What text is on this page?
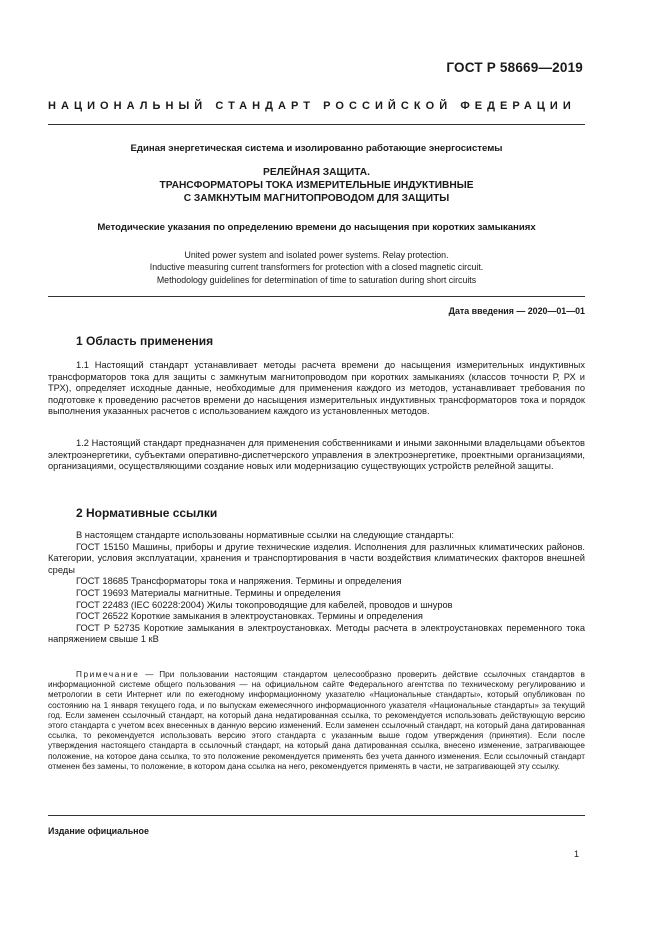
ГОСТ Р 58669—2019
НАЦИОНАЛЬНЫЙ СТАНДАРТ РОССИЙСКОЙ ФЕДЕРАЦИИ
Единая энергетическая система и изолированно работающие энергосистемы
РЕЛЕЙНАЯ ЗАЩИТА.
ТРАНСФОРМАТОРЫ ТОКА ИЗМЕРИТЕЛЬНЫЕ ИНДУКТИВНЫЕ
С ЗАМКНУТЫМ МАГНИТОПРОВОДОМ ДЛЯ ЗАЩИТЫ
Методические указания по определению времени до насыщения при коротких замыканиях
United power system and isolated power systems. Relay protection.
Inductive measuring current transformers for protection with a closed magnetic circuit.
Methodology guidelines for determination of time to saturation during short circuits
Дата введения — 2020—01—01
1 Область применения

1.1 Настоящий стандарт устанавливает методы расчета времени до насыщения измерительных индуктивных трансформаторов тока для защиты с замкнутым магнитопроводом при коротких замыканиях (классов точности Р, РХ и ТРХ), определяет исходные данные, необходимые для применения каждого из методов, устанавливает требования по подготовке к проведению расчетов времени до насыщения измерительных индуктивных трансформаторов тока и порядок выполнения указанных расчетов с использованием каждого из установленных методов.

1.2 Настоящий стандарт предназначен для применения собственниками и иными законными владельцами объектов электроэнергетики, субъектами оперативно-диспетчерского управления в электроэнергетике, проектными организациями, организациями, осуществляющими создание новых или модернизацию существующих устройств релейной защиты.

2 Нормативные ссылки

В настоящем стандарте использованы нормативные ссылки на следующие стандарты:

ГОСТ 15150 Машины, приборы и другие технические изделия. Исполнения для различных климатических районов. Категории, условия эксплуатации, хранения и транспортирования в части воздействия климатических факторов внешней среды

ГОСТ 18685 Трансформаторы тока и напряжения. Термины и определения

ГОСТ 19693 Материалы магнитные. Термины и определения

ГОСТ 22483 (IEC 60228:2004) Жилы токопроводящие для кабелей, проводов и шнуров

ГОСТ 26522 Короткие замыкания в электроустановках. Термины и определения

ГОСТ Р 52735 Короткие замыкания в электроустановках. Методы расчета в электроустановках переменного тока напряжением свыше 1 кВ

Примечание — При пользовании настоящим стандартом целесообразно проверить действие ссылочных стандартов в информационной системе общего пользования — на официальном сайте Федерального агентства по техническому регулированию и метрологии в сети Интернет или по ежегодному информационному указателю «Национальные стандарты», который опубликован по состоянию на 1 января текущего года, и по выпускам ежемесячного информационного указателя «Национальные стандарты» за текущий год. Если заменен ссылочный стандарт, на который дана недатированная ссылка, то рекомендуется использовать действующую версию этого стандарта с учетом всех внесенных в данную версию изменений. Если заменен ссылочный стандарт, на который дана датированная ссылка, то рекомендуется использовать версию этого стандарта с указанным выше годом утверждения (принятия). Если после утверждения настоящего стандарта в ссылочный стандарт, на который дана датированная ссылка, внесено изменение, затрагивающее положение, на которое дана ссылка, то это положение рекомендуется применять без учета данного изменения. Если ссылочный стандарт отменен без замены, то положение, в котором дана ссылка на него, рекомендуется применять в части, не затрагивающей эту ссылку.

Издание официальное
1
